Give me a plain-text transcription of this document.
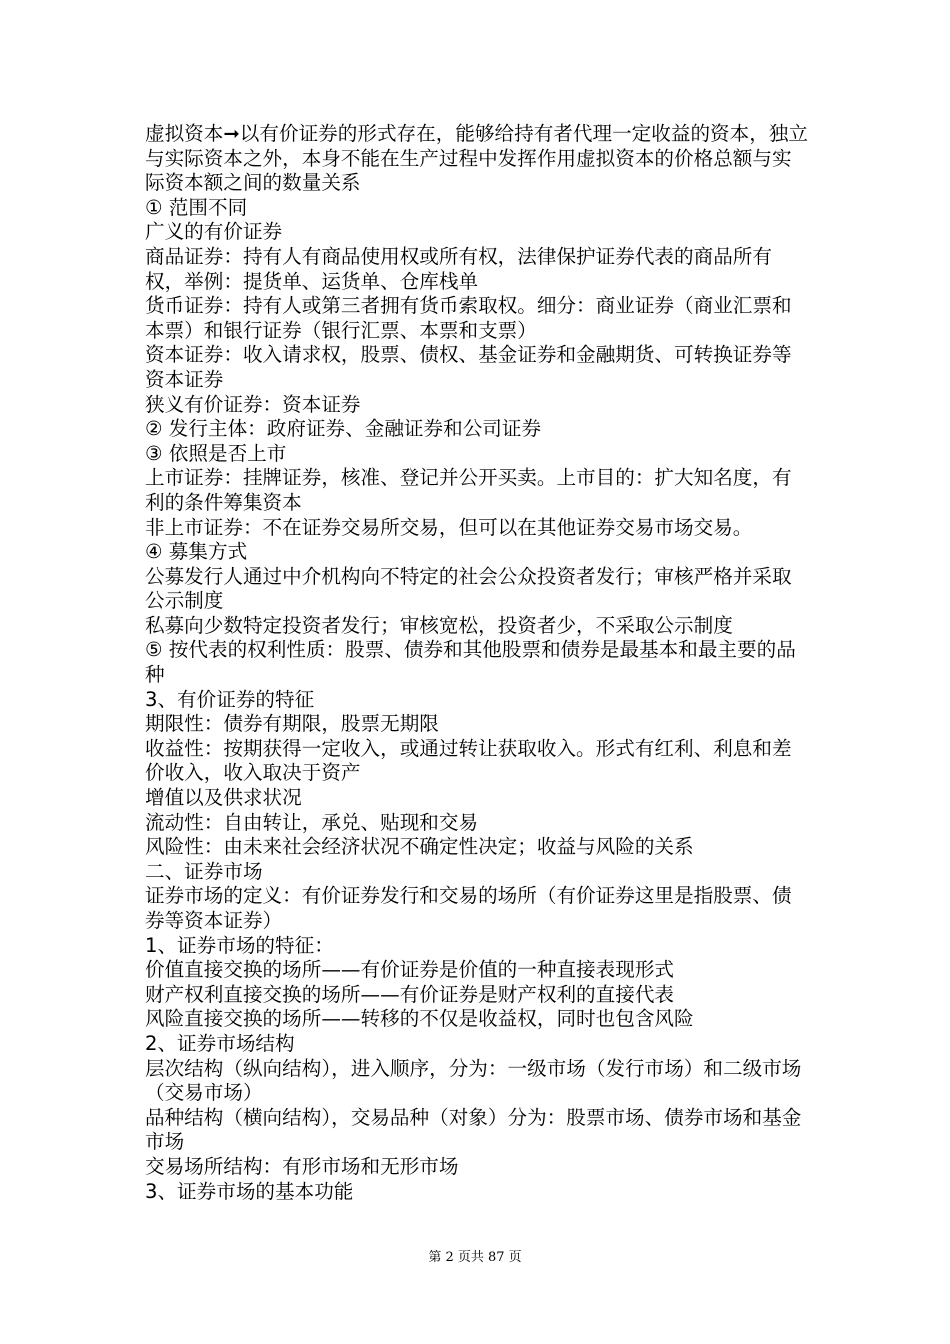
虚拟资本➞以有价证券的形式存在，能够给持有者代理一定收益的资本，独立与实际资本之外，本身不能在生产过程中发挥作用虚拟资本的价格总额与实际资本额之间的数量关系

① 范围不同

广义的有价证券

商品证券：持有人有商品使用权或所有权，法律保护证券代表的商品所有权，举例：提货单、运货单、仓库栈单

货币证券：持有人或第三者拥有货币索取权。细分：商业证券（商业汇票和本票）和银行证券（银行汇票、本票和支票）

资本证券：收入请求权，股票、债权、基金证券和金融期货、可转换证券等资本证券

狭义有价证券：资本证券

② 发行主体：政府证券、金融证券和公司证券

③ 依照是否上市

上市证券：挂牌证券，核准、登记并公开买卖。上市目的：扩大知名度，有利的条件筹集资本

非上市证券：不在证券交易所交易，但可以在其他证券交易市场交易。

④ 募集方式

公募发行人通过中介机构向不特定的社会公众投资者发行；审核严格并采取公示制度

私募向少数特定投资者发行；审核宽松，投资者少，不采取公示制度

⑤ 按代表的权利性质：股票、债券和其他股票和债券是最基本和最主要的品种

3、有价证券的特征

期限性：债券有期限，股票无期限

收益性：按期获得一定收入，或通过转让获取收入。形式有红利、利息和差价收入，收入取决于资产

增值以及供求状况

流动性：自由转让，承兑、贴现和交易

风险性：由未来社会经济状况不确定性决定；收益与风险的关系

二、证券市场

证券市场的定义：有价证券发行和交易的场所（有价证券这里是指股票、债券等资本证券）

1、证券市场的特征：

价值直接交换的场所——有价证券是价值的一种直接表现形式

财产权利直接交换的场所——有价证券是财产权利的直接代表

风险直接交换的场所——转移的不仅是收益权，同时也包含风险

2、证券市场结构

层次结构（纵向结构），进入顺序，分为：一级市场（发行市场）和二级市场（交易市场）

品种结构（横向结构），交易品种（对象）分为：股票市场、债券市场和基金市场

交易场所结构：有形市场和无形市场

3、证券市场的基本功能

第 2 页共 87 页
